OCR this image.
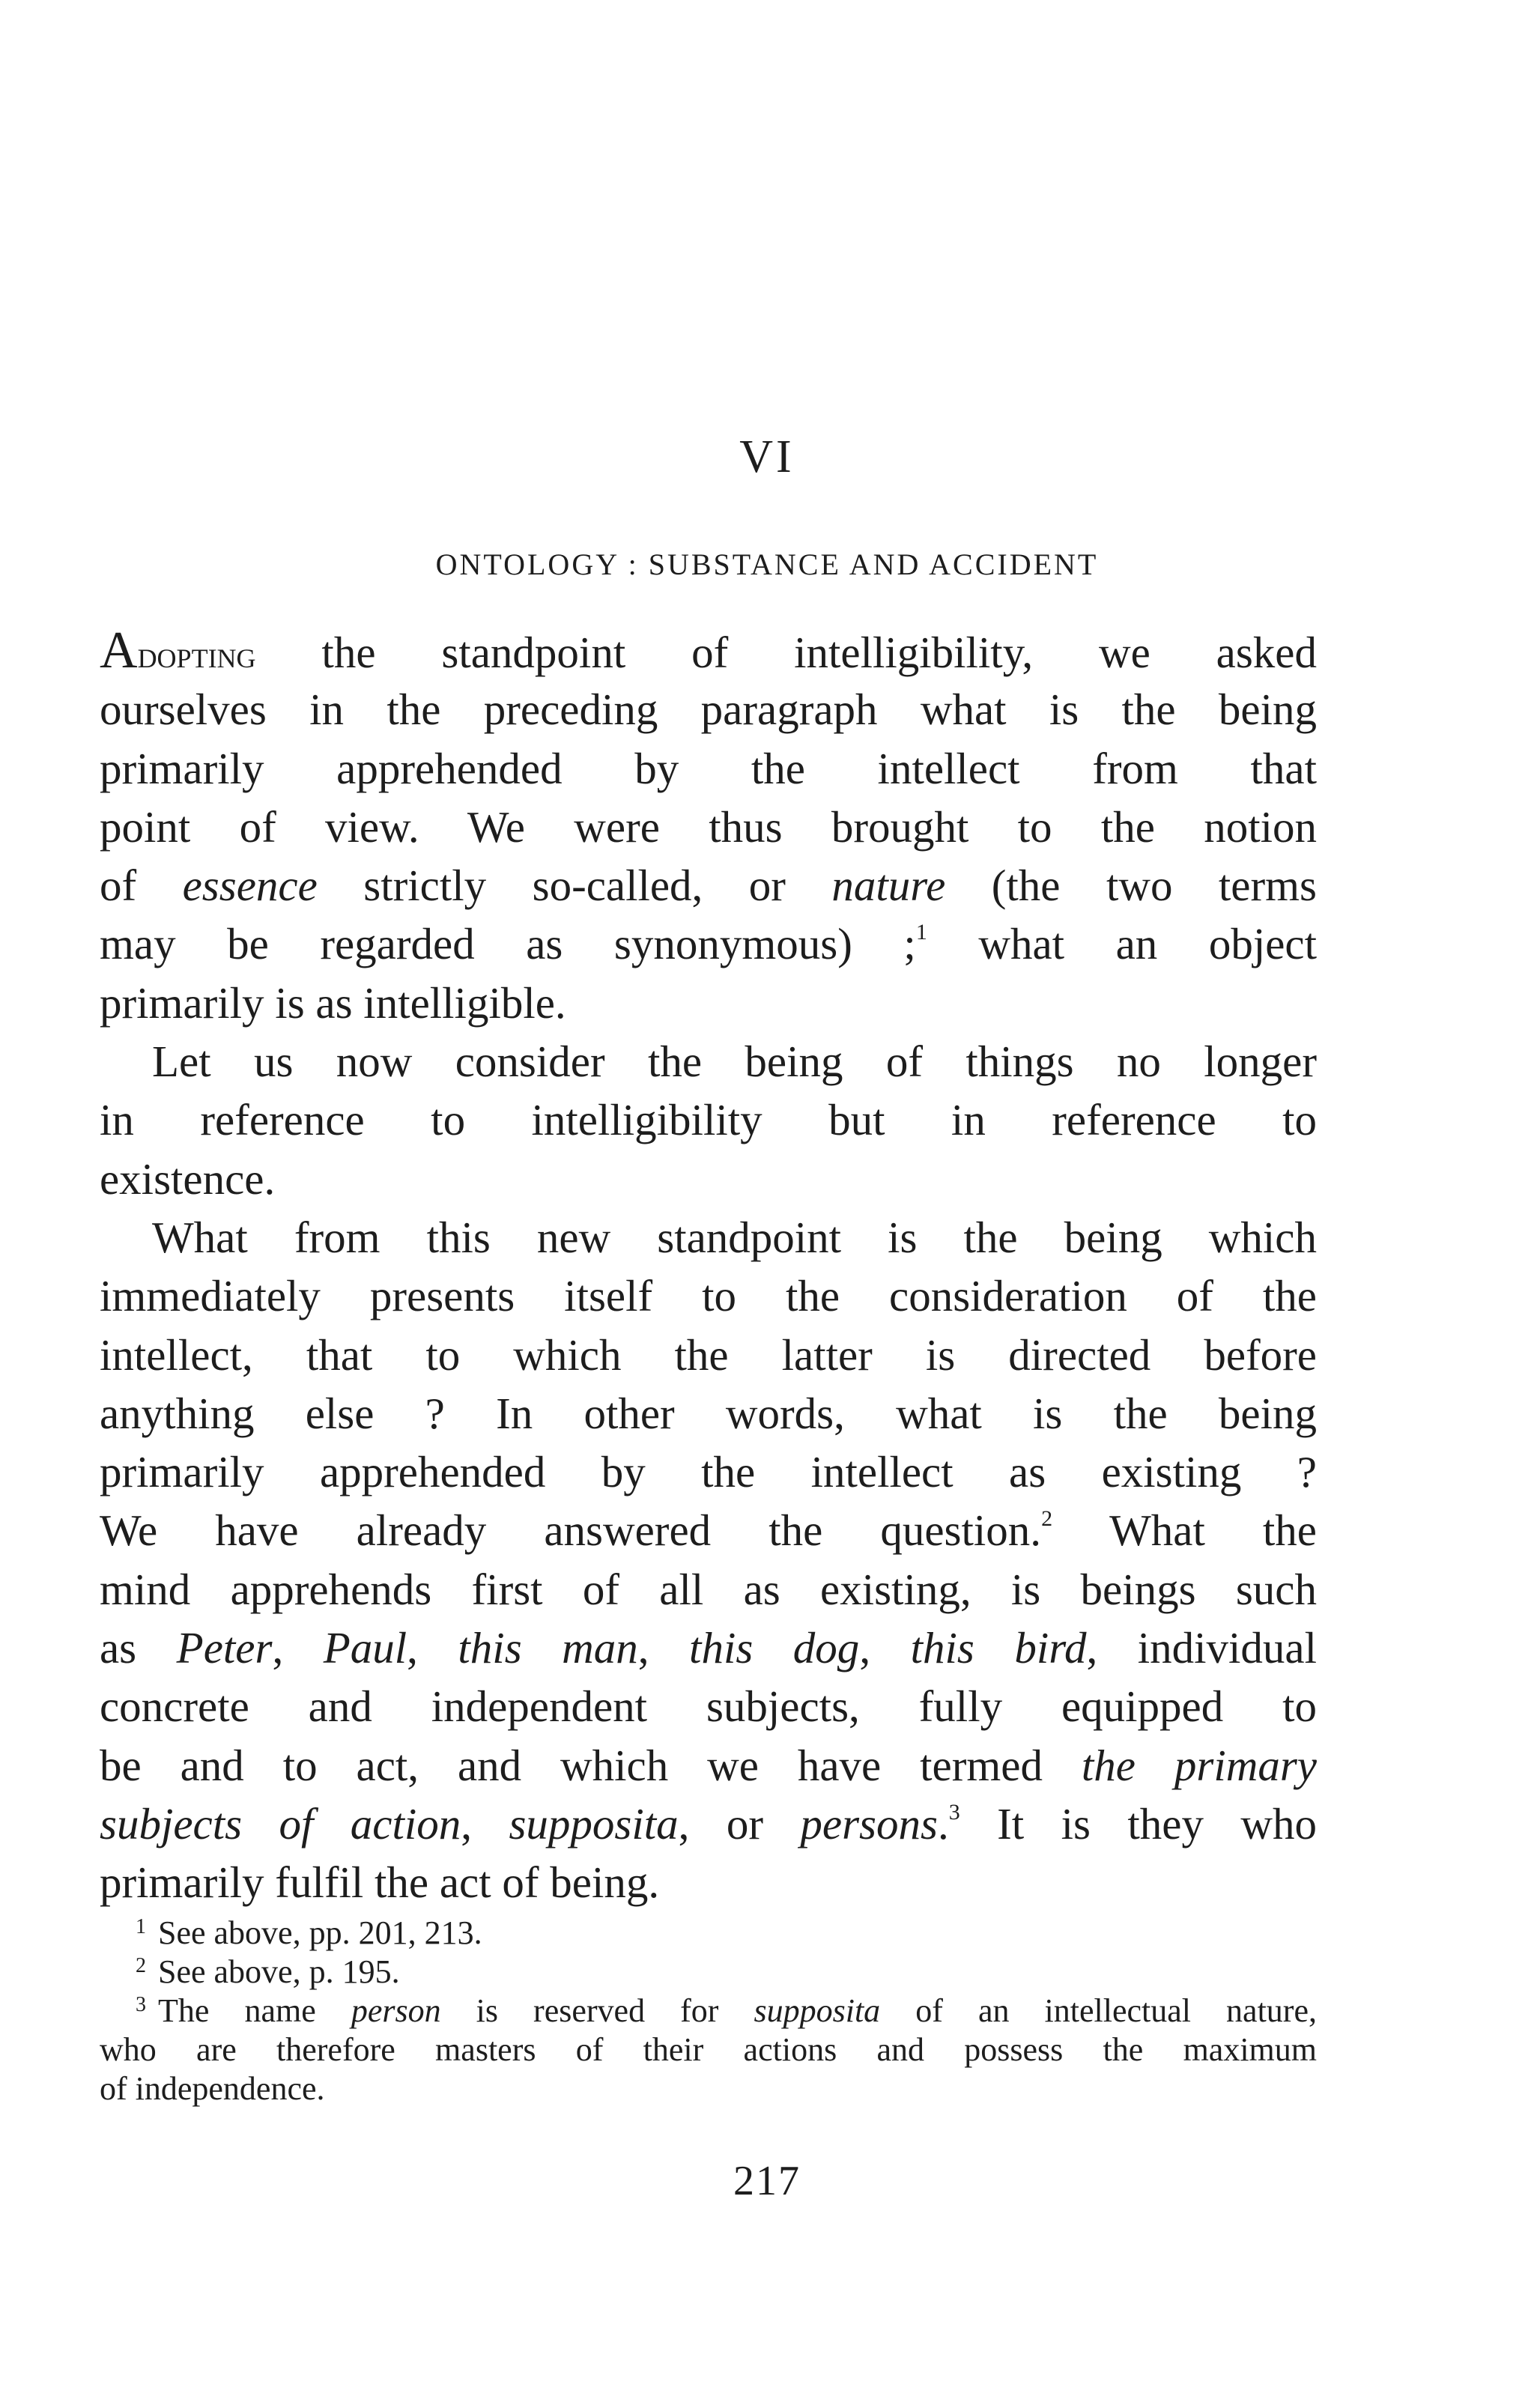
VI
ONTOLOGY : SUBSTANCE AND ACCIDENT
Adopting the standpoint of intelligibility, we asked
ourselves in the preceding paragraph what is the being
primarily apprehended by the intellect from that
point of view. We were thus brought to the notion
of essence strictly so-called, or nature (the two terms
may be regarded as synonymous) ;$^1$ what an object
primarily is as intelligible.
Let us now consider the being of things no longer
in reference to intelligibility but in reference to
existence.
What from this new standpoint is the being which
immediately presents itself to the consideration of the
intellect, that to which the latter is directed before
anything else ? In other words, what is the being
primarily apprehended by the intellect as existing ?
We have already answered the question.$^2$ What the
mind apprehends first of all as existing, is beings such
as Peter, Paul, this man, this dog, this bird, individual
concrete and independent subjects, fully equipped to
be and to act, and which we have termed the primary
subjects of action, supposita, or persons.$^3$ It is they who
primarily fulfil the act of being.
$^1$ See above, pp. 201, 213.
$^2$ See above, p. 195.
$^3$ The name person is reserved for supposita of an intellectual nature,
who are therefore masters of their actions and possess the maximum
of independence.
217
